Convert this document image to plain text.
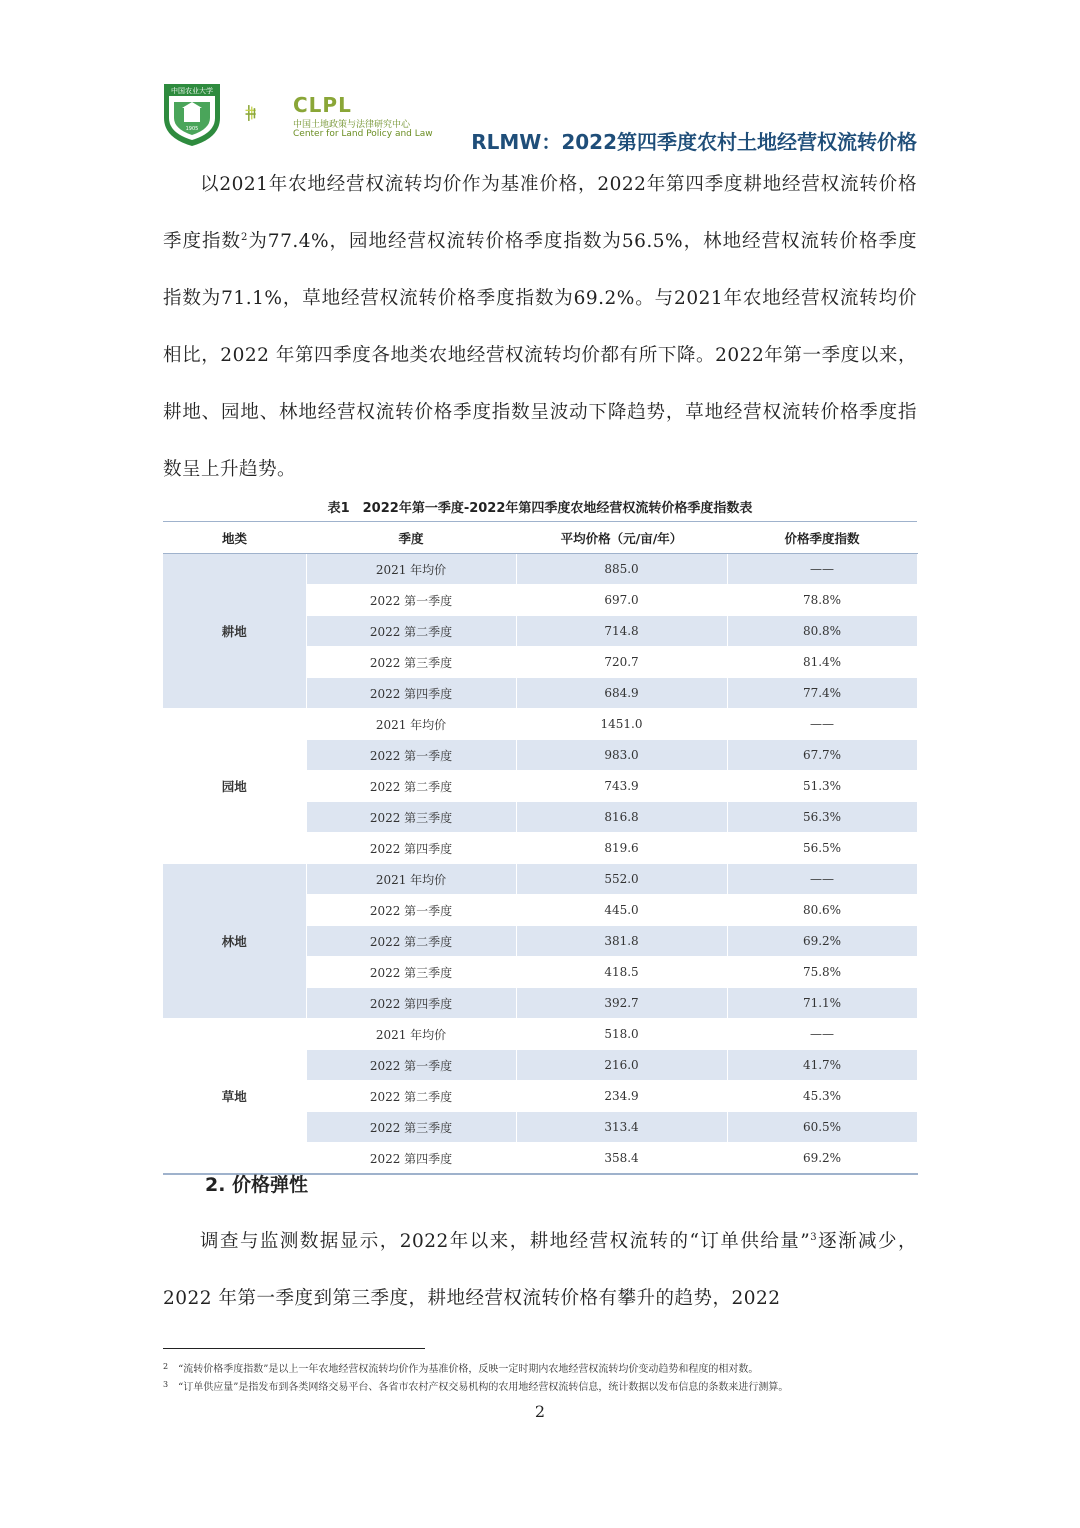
中国农业大学
1905
CLPL
中国土地政策与法律研究中心
Center for Land Policy and Law RLMW：2022第四季度农村土地经营权流转价格
以2021年农地经营权流转均价作为基准价格，2022年第四季度耕地经营权流转价格季度指数$^2$为77.4%，园地经营权流转价格季度指数为56.5%，林地经营权流转价格季度指数为71.1%，草地经营权流转价格季度指数为69.2%。与2021年农地经营权流转均价相比，2022 年第四季度各地类农地经营权流转均价都有所下降。2022年第一季度以来，耕地、园地、林地经营权流转价格季度指数呈波动下降趋势，草地经营权流转价格季度指数呈上升趋势。
表1　2022年第一季度-2022年第四季度农地经营权流转价格季度指数表
地类	季度	平均价格（元/亩/年）	价格季度指数
耕地	2021 年均价	885.0	——
	2022 第一季度	697.0	78.8%
	2022 第二季度	714.8	80.8%
	2022 第三季度	720.7	81.4%
	2022 第四季度	684.9	77.4%
园地	2021 年均价	1451.0	——
	2022 第一季度	983.0	67.7%
	2022 第二季度	743.9	51.3%
	2022 第三季度	816.8	56.3%
	2022 第四季度	819.6	56.5%
林地	2021 年均价	552.0	——
	2022 第一季度	445.0	80.6%
	2022 第二季度	381.8	69.2%
	2022 第三季度	418.5	75.8%
	2022 第四季度	392.7	71.1%
草地	2021 年均价	518.0	——
	2022 第一季度	216.0	41.7%
	2022 第二季度	234.9	45.3%
	2022 第三季度	313.4	60.5%
	2022 第四季度	358.4	69.2%
2. 价格弹性
调查与监测数据显示，2022年以来，耕地经营权流转的“订单供给量”$^3$逐渐减少，2022 年第一季度到第三季度，耕地经营权流转价格有攀升的趋势，2022
$^2$ “流转价格季度指数”是以上一年农地经营权流转均价作为基准价格，反映一定时期内农地经营权流转均价变动趋势和程度的相对数。
$^3$ “订单供应量”是指发布到各类网络交易平台、各省市农村产权交易机构的农用地经营权流转信息，统计数据以发布信息的条数来进行测算。
2
